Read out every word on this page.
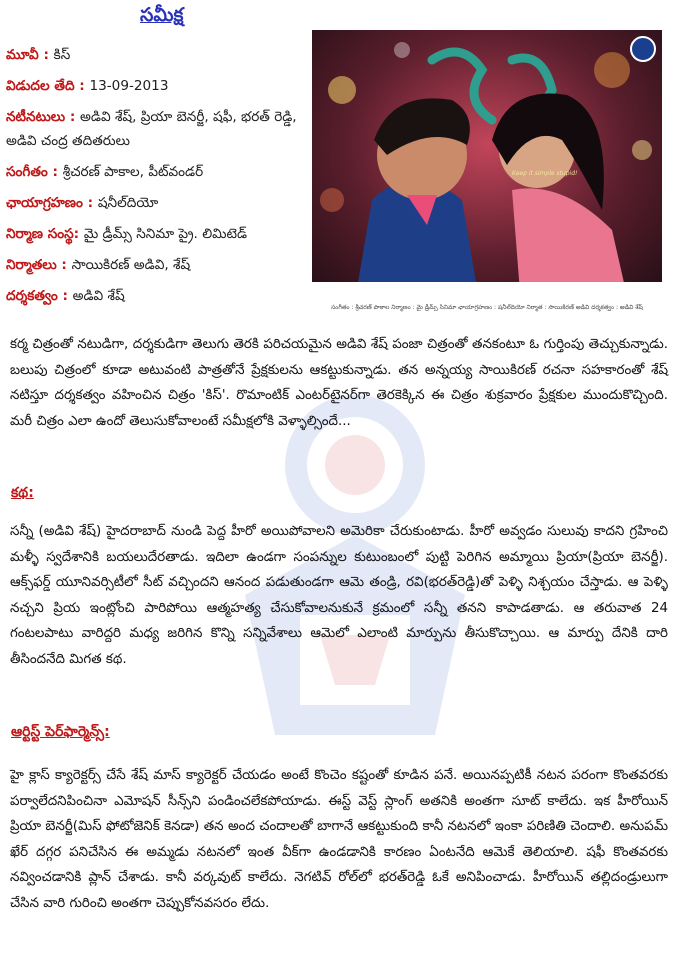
సమీక్ష
మూవీ : కిస్
విడుదల తేది : 13-09-2013
నటీనటులు : అడివి శేష్, ప్రియా బెనర్జీ, షఫీ, భరత్ రెడ్డి, అడివి చంద్ర తదితరులు
సంగీతం : శ్రీచరణ్ పాకాల, పీట్‌వండర్
ఛాయాగ్రహణం : షనీల్‌దియో
నిర్మాణ సంస్థ: మై డ్రీమ్స్ సినిమా ప్రై. లిమిటెడ్
నిర్మాతలు : సాయికిరణ్ అడివి, శేష్
దర్శకత్వం : అడివి శేష్
Keep it simple stupid!
సంగీతం : శ్రీచరణ్ పాకాల నిర్మాణం : మై డ్రీమ్స్ సినిమా ఛాయాగ్రహణం : షనీల్‌దియో నిర్మాత : సాయికిరణ్ అడివి దర్శకత్వం : అడివి శేష్

కర్మ చిత్రంతో నటుడిగా, దర్శకుడిగా తెలుగు తెరకి పరిచయమైన అడివి శేష్ పంజా చిత్రంతో తనకంటూ ఓ గుర్తింపు తెచ్చుకున్నాడు. బలుపు చిత్రంలో కూడా అటువంటి పాత్రతోనే ప్రేక్షకులను ఆకట్టుకున్నాడు. తన అన్నయ్య సాయికిరణ్ రచనా సహకారంతో శేష్ నటిస్తూ దర్శకత్వం వహించిన చిత్రం 'కిస్'. రొమాంటిక్ ఎంటర్‌టైనర్‌గా తెరకెక్కిన ఈ చిత్రం శుక్రవారం ప్రేక్షకుల ముందుకొచ్చింది. మరీ చిత్రం ఎలా ఉందో తెలుసుకోవాలంటే సమీక్షలోకి వెళ్ళాల్సిందే...

కథ:

సన్నీ (అడివి శేష్) హైదరాబాద్ నుండి పెద్ద హీరో అయిపోవాలని అమెరికా చేరుకుంటాడు. హీరో అవ్వడం సులువు కాదని గ్రహించి మళ్ళీ స్వదేశానికి బయలుదేరతాడు. ఇదిలా ఉండగా సంపన్నుల కుటుంబంలో పుట్టి పెరిగిన అమ్మాయి ప్రియా(ప్రియా బెనర్జీ). ఆక్స్‌ఫర్డ్ యూనివర్సిటీలో సీట్ వచ్చిందని ఆనంద పడుతుండగా ఆమె తండ్రి, రవి(భరత్‌రెడ్డి)తో పెళ్ళి నిశ్చయం చేస్తాడు. ఆ పెళ్ళి నచ్చని ప్రియ ఇంట్లోంచి పారిపోయి ఆత్మహత్య చేసుకోవాలనుకునే క్రమంలో సన్నీ తనని కాపాడతాడు. ఆ తరువాత 24 గంటలపాటు వారిద్దరి మధ్య జరిగిన కొన్ని సన్నివేశాలు ఆమెలో ఎలాంటి మార్పును తీసుకొచ్చాయి. ఆ మార్పు దేనికి దారి తీసిందనేది మిగత కథ.

ఆర్టిస్ట్ పెర్‌ఫార్మెన్స్:

హై క్లాస్ క్యారెక్టర్స్ చేసే శేష్ మాస్ క్యారెక్టర్ చేయడం అంటే కొంచెం కష్టంతో కూడిన పనే. అయినప్పటికీ నటన పరంగా కొంతవరకు పర్వాలేదనిపించినా ఎమోషన్ సీన్స్‌ని పండించలేకపోయాడు. ఈస్ట్ వెస్ట్ స్లాంగ్ అతనికి అంతగా సూట్ కాలేదు. ఇక హీరోయిన్ ప్రియా బెనర్జీ(మిస్ ఫోటోజెనిక్ కెనడా) తన అంద చందాలతో బాగానే ఆకట్టుకుంది కానీ నటనలో ఇంకా పరిణితి చెందాలి. అనుపమ్ ఖేర్ దగ్గర పనిచేసిన ఈ అమ్మడు నటనలో ఇంత వీక్‌గా ఉండడానికి కారణం ఏంటనేది ఆమెకే తెలియాలి. షఫీ కొంతవరకు నవ్వించడానికి ప్లాన్ చేశాడు. కానీ వర్కవుట్ కాలేదు. నెగటివ్ రోల్‌లో భరత్‌రెడ్డి ఓకే అనిపించాడు. హీరోయిన్ తల్లిదండ్రులుగా చేసిన వారి గురించి అంతగా చెప్పుకోనవసరం లేదు.
